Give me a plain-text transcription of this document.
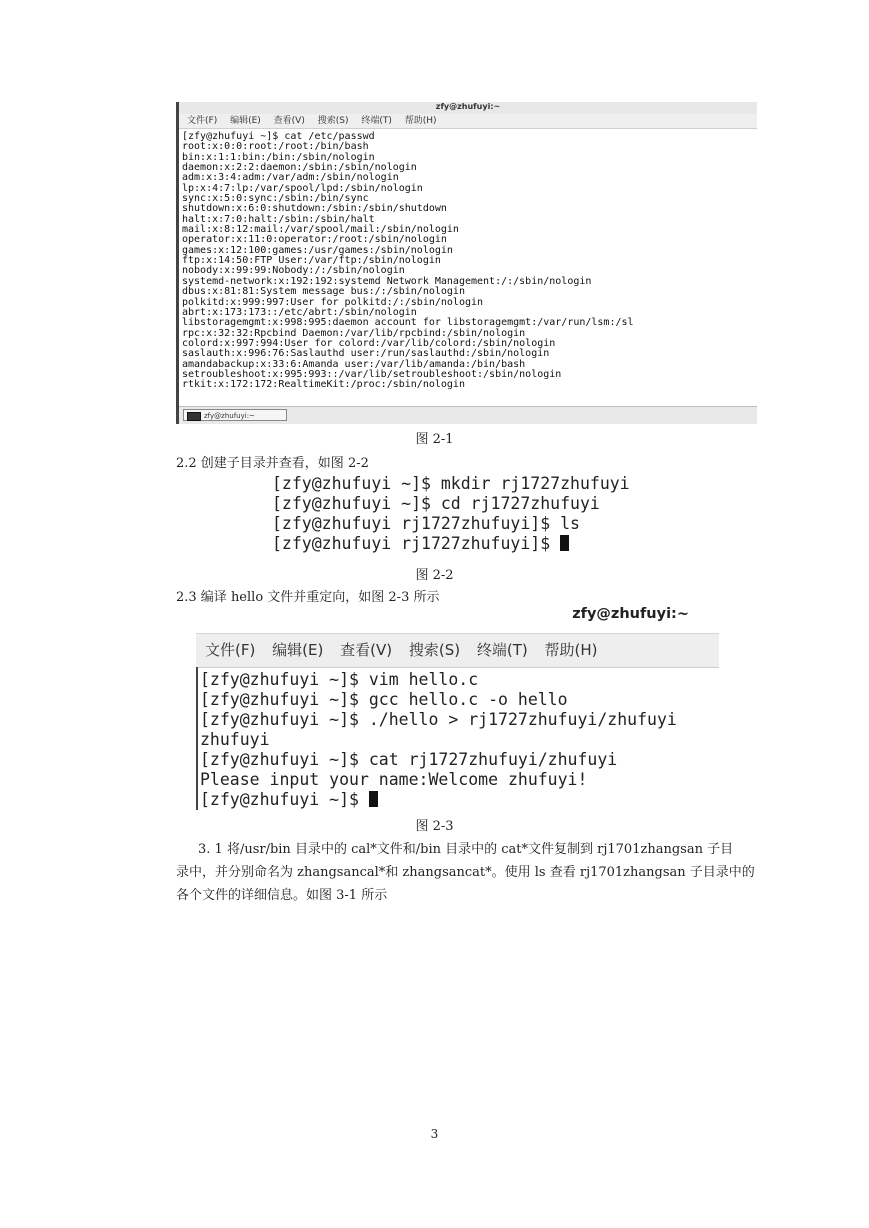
zfy@zhufuyi:~
文件(F) 编辑(E) 查看(V) 搜索(S) 终端(T) 帮助(H)
[zfy@zhufuyi ~]$ cat /etc/passwd
root:x:0:0:root:/root:/bin/bash
bin:x:1:1:bin:/bin:/sbin/nologin
daemon:x:2:2:daemon:/sbin:/sbin/nologin
adm:x:3:4:adm:/var/adm:/sbin/nologin
lp:x:4:7:lp:/var/spool/lpd:/sbin/nologin
sync:x:5:0:sync:/sbin:/bin/sync
shutdown:x:6:0:shutdown:/sbin:/sbin/shutdown
halt:x:7:0:halt:/sbin:/sbin/halt
mail:x:8:12:mail:/var/spool/mail:/sbin/nologin
operator:x:11:0:operator:/root:/sbin/nologin
games:x:12:100:games:/usr/games:/sbin/nologin
ftp:x:14:50:FTP User:/var/ftp:/sbin/nologin
nobody:x:99:99:Nobody:/:/sbin/nologin
systemd-network:x:192:192:systemd Network Management:/:/sbin/nologin
dbus:x:81:81:System message bus:/:/sbin/nologin
polkitd:x:999:997:User for polkitd:/:/sbin/nologin
abrt:x:173:173::/etc/abrt:/sbin/nologin
libstoragemgmt:x:998:995:daemon account for libstoragemgmt:/var/run/lsm:/sl
rpc:x:32:32:Rpcbind Daemon:/var/lib/rpcbind:/sbin/nologin
colord:x:997:994:User for colord:/var/lib/colord:/sbin/nologin
saslauth:x:996:76:Saslauthd user:/run/saslauthd:/sbin/nologin
amandabackup:x:33:6:Amanda user:/var/lib/amanda:/bin/bash
setroubleshoot:x:995:993::/var/lib/setroubleshoot:/sbin/nologin
rtkit:x:172:172:RealtimeKit:/proc:/sbin/nologin
zfy@zhufuyi:~
图 2-1
2.2 创建子目录并查看，如图 2-2
[zfy@zhufuyi ~]$ mkdir rj1727zhufuyi
[zfy@zhufuyi ~]$ cd rj1727zhufuyi
[zfy@zhufuyi rj1727zhufuyi]$ ls
[zfy@zhufuyi rj1727zhufuyi]$
图 2-2
2.3 编译 hello 文件并重定向，如图 2-3 所示
zfy@zhufuyi:~
文件(F) 编辑(E) 查看(V) 搜索(S) 终端(T) 帮助(H)
[zfy@zhufuyi ~]$ vim hello.c
[zfy@zhufuyi ~]$ gcc hello.c -o hello
[zfy@zhufuyi ~]$ ./hello > rj1727zhufuyi/zhufuyi
zhufuyi
[zfy@zhufuyi ~]$ cat rj1727zhufuyi/zhufuyi
Please input your name:Welcome zhufuyi!
[zfy@zhufuyi ~]$
图 2-3
3. 1 将/usr/bin 目录中的 cal*文件和/bin 目录中的 cat*文件复制到 rj1701zhangsan 子目
录中，并分别命名为 zhangsancal*和 zhangsancat*。使用 ls 查看 rj1701zhangsan 子目录中的
各个文件的详细信息。如图 3-1 所示
3
